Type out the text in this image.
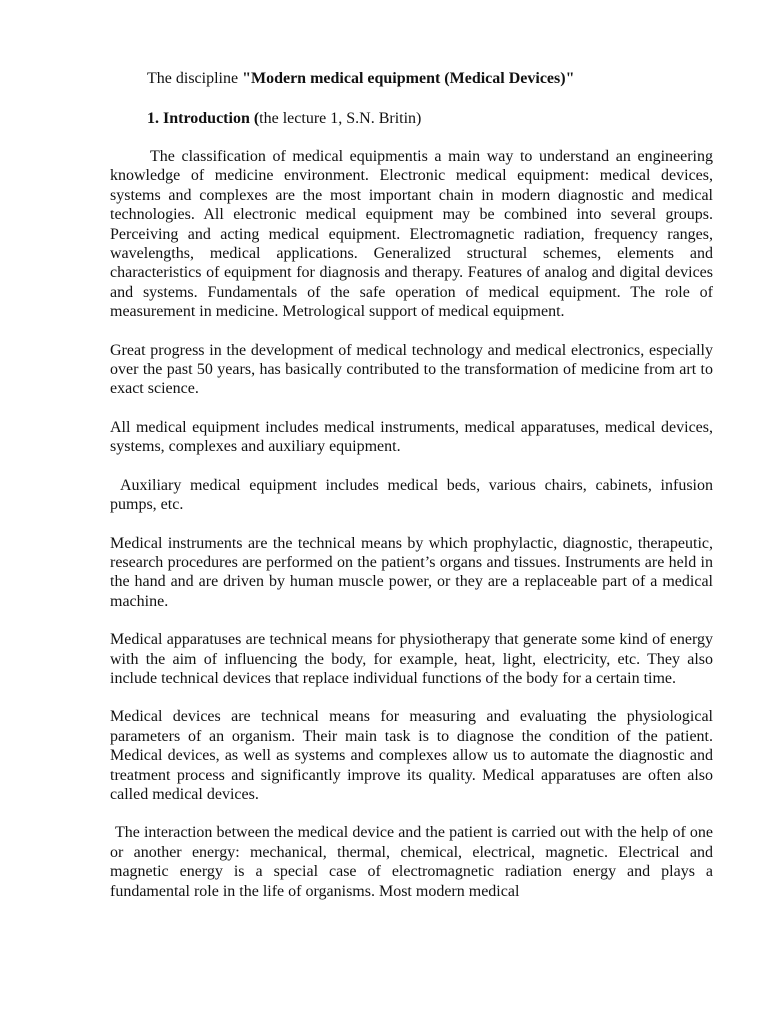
The discipline "Modern medical equipment (Medical Devices)"
1. Introduction (the lecture 1, S.N. Britin)

The classification of medical equipmentis a main way to understand an engineering knowledge of medicine environment. Electronic medical equipment: medical devices, systems and complexes are the most important chain in modern diagnostic and medical technologies. All electronic medical equipment may be combined into several groups. Perceiving and acting medical equipment. Electromagnetic radiation, frequency ranges, wavelengths, medical applications. Generalized structural schemes, elements and characteristics of equipment for diagnosis and therapy. Features of analog and digital devices and systems. Fundamentals of the safe operation of medical equipment. The role of measurement in medicine. Metrological support of medical equipment.

Great progress in the development of medical technology and medical electronics, especially over the past 50 years, has basically contributed to the transformation of medicine from art to exact science.

All medical equipment includes medical instruments, medical apparatuses, medical devices, systems, complexes and auxiliary equipment.

Auxiliary medical equipment includes medical beds, various chairs, cabinets, infusion pumps, etc.

Medical instruments are the technical means by which prophylactic, diagnostic, therapeutic, research procedures are performed on the patient’s organs and tissues. Instruments are held in the hand and are driven by human muscle power, or they are a replaceable part of a medical machine.

Medical apparatuses are technical means for physiotherapy that generate some kind of energy with the aim of influencing the body, for example, heat, light, electricity, etc. They also include technical devices that replace individual functions of the body for a certain time.

Medical devices are technical means for measuring and evaluating the physiological parameters of an organism. Their main task is to diagnose the condition of the patient. Medical devices, as well as systems and complexes allow us to automate the diagnostic and treatment process and significantly improve its quality. Medical apparatuses are often also called medical devices.

The interaction between the medical device and the patient is carried out with the help of one or another energy: mechanical, thermal, chemical, electrical, magnetic. Electrical and magnetic energy is a special case of electromagnetic radiation energy and plays a fundamental role in the life of organisms. Most modern medical
